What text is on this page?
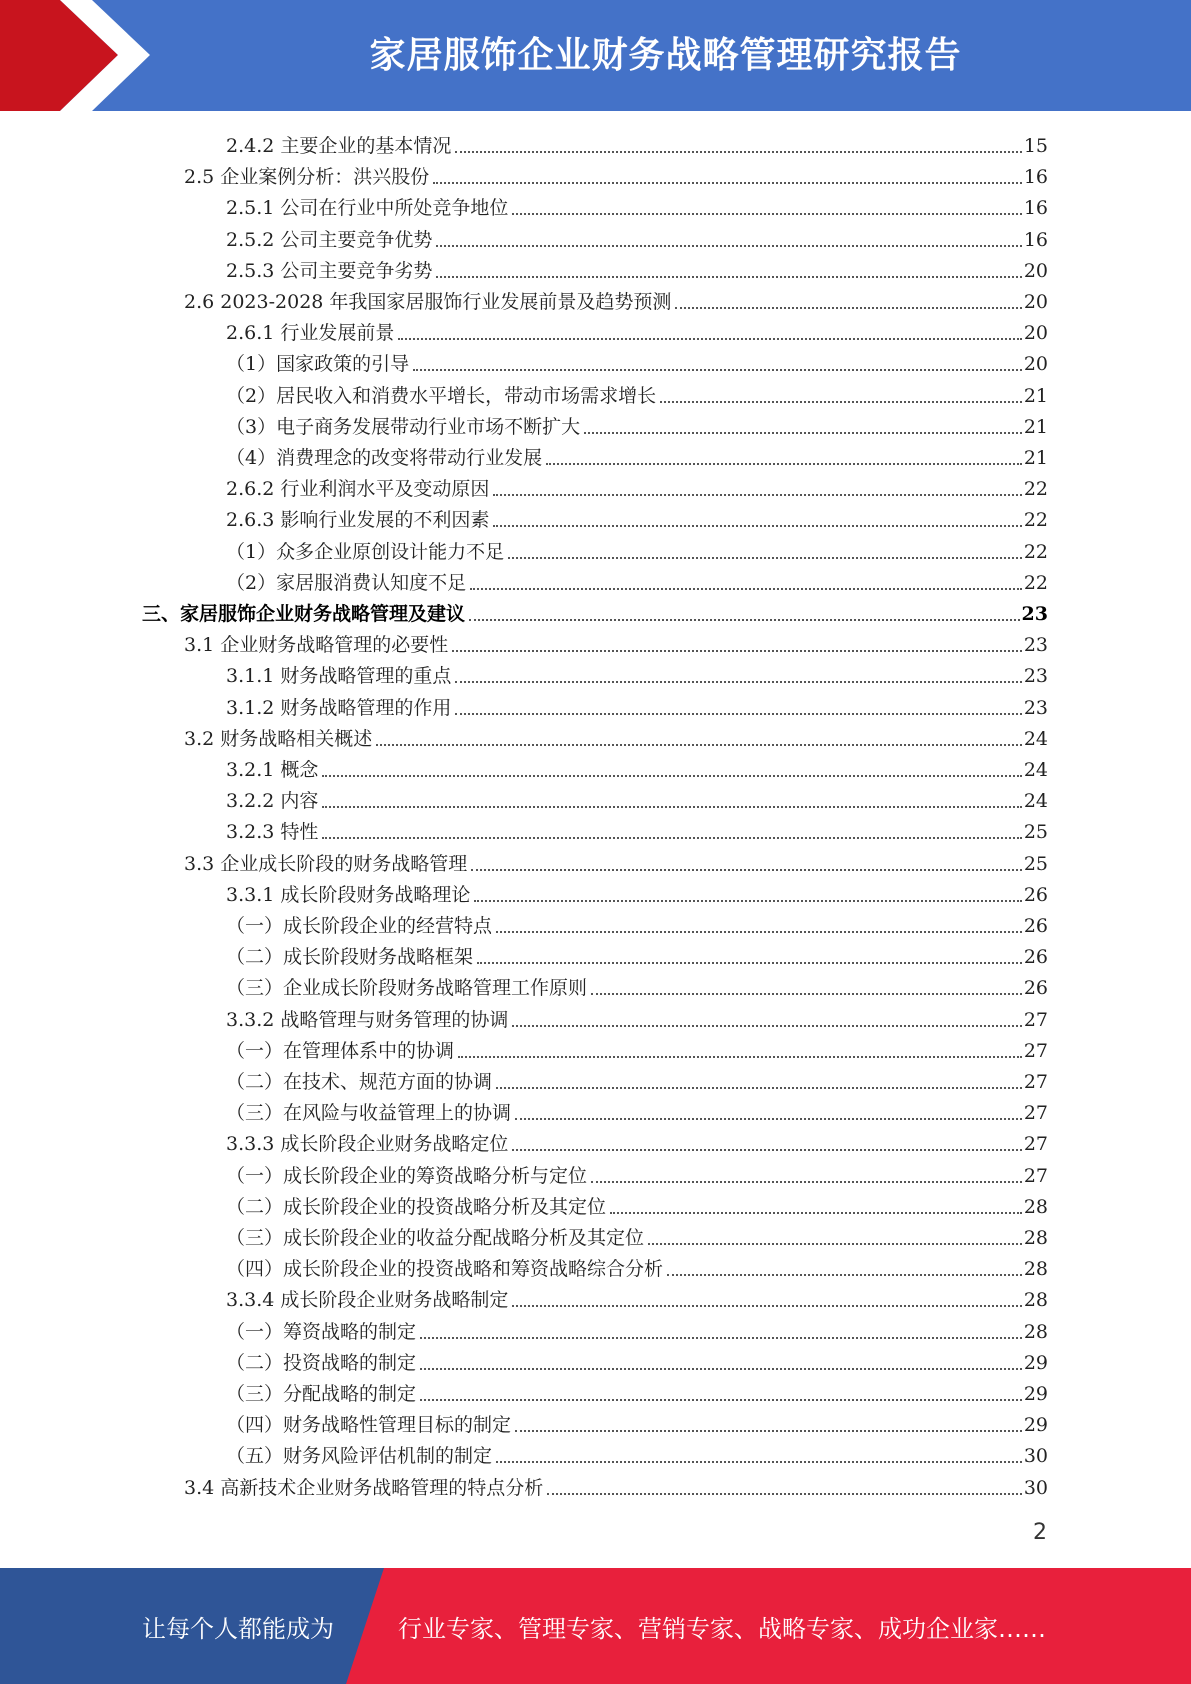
家居服饰企业财务战略管理研究报告
2.4.2 主要企业的基本情况	15
2.5 企业案例分析：洪兴股份	16
2.5.1 公司在行业中所处竞争地位	16
2.5.2 公司主要竞争优势	16
2.5.3 公司主要竞争劣势	20
2.6 2023-2028 年我国家居服饰行业发展前景及趋势预测	20
2.6.1 行业发展前景	20
（1）国家政策的引导	20
（2）居民收入和消费水平增长，带动市场需求增长	21
（3）电子商务发展带动行业市场不断扩大	21
（4）消费理念的改变将带动行业发展	21
2.6.2 行业利润水平及变动原因	22
2.6.3 影响行业发展的不利因素	22
（1）众多企业原创设计能力不足	22
（2）家居服消费认知度不足	22
三、家居服饰企业财务战略管理及建议	23
3.1 企业财务战略管理的必要性	23
3.1.1 财务战略管理的重点	23
3.1.2 财务战略管理的作用	23
3.2 财务战略相关概述	24
3.2.1 概念	24
3.2.2 内容	24
3.2.3 特性	25
3.3 企业成长阶段的财务战略管理	25
3.3.1 成长阶段财务战略理论	26
（一）成长阶段企业的经营特点	26
（二）成长阶段财务战略框架	26
（三）企业成长阶段财务战略管理工作原则	26
3.3.2 战略管理与财务管理的协调	27
（一）在管理体系中的协调	27
（二）在技术、规范方面的协调	27
（三）在风险与收益管理上的协调	27
3.3.3 成长阶段企业财务战略定位	27
（一）成长阶段企业的筹资战略分析与定位	27
（二）成长阶段企业的投资战略分析及其定位	28
（三）成长阶段企业的收益分配战略分析及其定位	28
（四）成长阶段企业的投资战略和筹资战略综合分析	28
3.3.4 成长阶段企业财务战略制定	28
（一）筹资战略的制定	28
（二）投资战略的制定	29
（三）分配战略的制定	29
（四）财务战略性管理目标的制定	29
（五）财务风险评估机制的制定	30
3.4 高新技术企业财务战略管理的特点分析	30
2
让每个人都能成为	行业专家、管理专家、营销专家、战略专家、成功企业家……
